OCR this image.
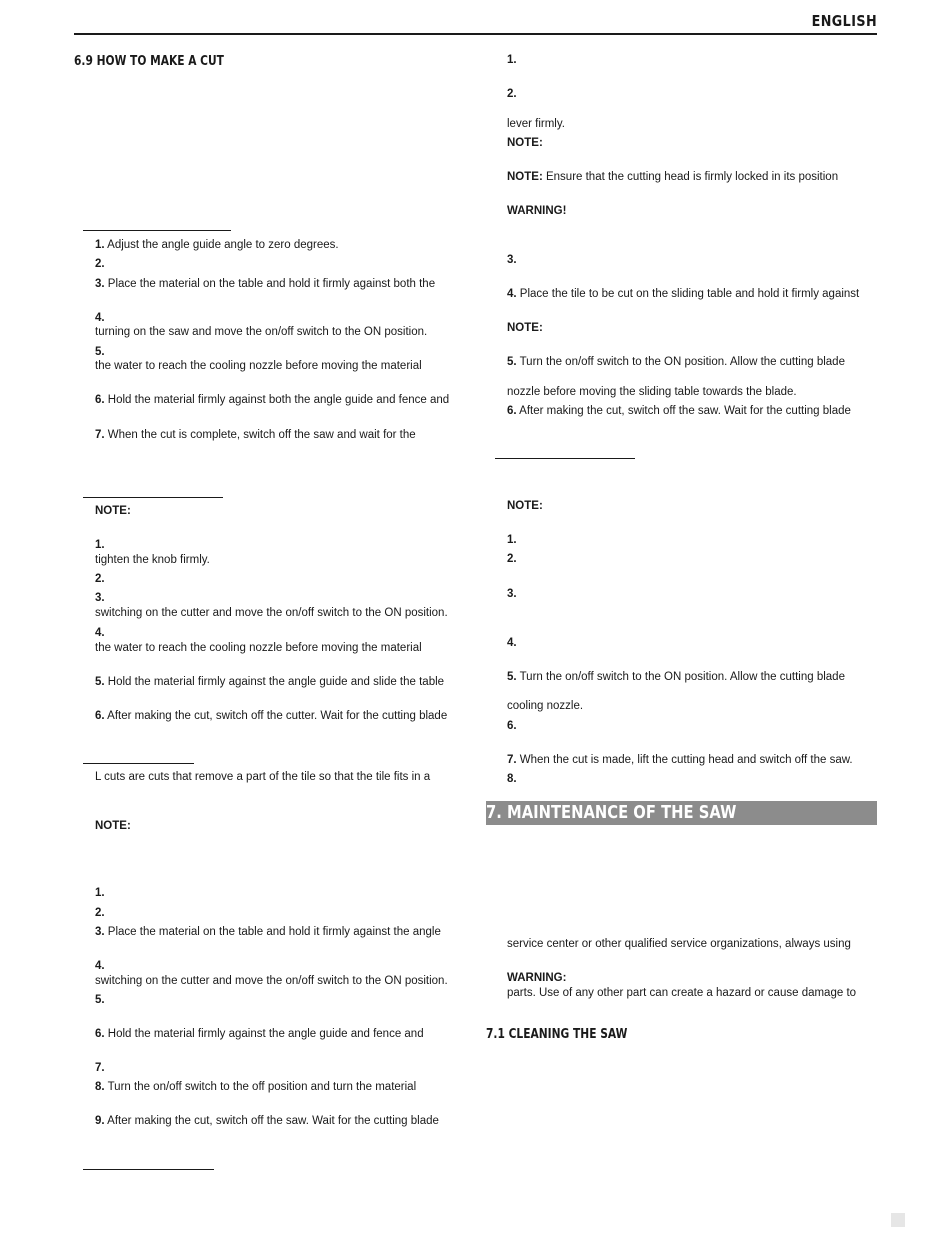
ENGLISH
6.9 HOW TO MAKE A CUT
1. Adjust the angle guide angle to zero degrees.
2.
3. Place the material on the table and hold it firmly against both the
4.
turning on the saw and move the on/off switch to the ON position.
5.
the water to reach the cooling nozzle before moving the material
6. Hold the material firmly against both the angle guide and fence and
7. When the cut is complete, switch off the saw and wait for the
NOTE:
1.
tighten the knob firmly.
2.
3.
switching on the cutter and move the on/off switch to the ON position.
4.
the water to reach the cooling nozzle before moving the material
5. Hold the material firmly against the angle guide and slide the table
6. After making the cut, switch off the cutter. Wait for the cutting blade
L cuts are cuts that remove a part of the tile so that the tile fits in a
NOTE:
1.
2.
3. Place the material on the table and hold it firmly against the angle
4.
switching on the cutter and move the on/off switch to the ON position.
5.
6. Hold the material firmly against the angle guide and fence and
7.
8. Turn the on/off switch to the off position and turn the material
9. After making the cut, switch off the saw. Wait for the cutting blade
1.
2.
lever firmly.
NOTE:
NOTE: Ensure that the cutting head is firmly locked in its position
WARNING!
3.
4. Place the tile to be cut on the sliding table and hold it firmly against
NOTE:
5. Turn the on/off switch to the ON position. Allow the cutting blade
nozzle before moving the sliding table towards the blade.
6. After making the cut, switch off the saw. Wait for the cutting blade
NOTE:
1.
2.
3.
4.
5. Turn the on/off switch to the ON position. Allow the cutting blade
cooling nozzle.
6.
7. When the cut is made, lift the cutting head and switch off the saw.
8.
service center or other qualified service organizations, always using
WARNING:
parts. Use of any other part can create a hazard or cause damage to
7. MAINTENANCE OF THE SAW
7.1 CLEANING THE SAW
